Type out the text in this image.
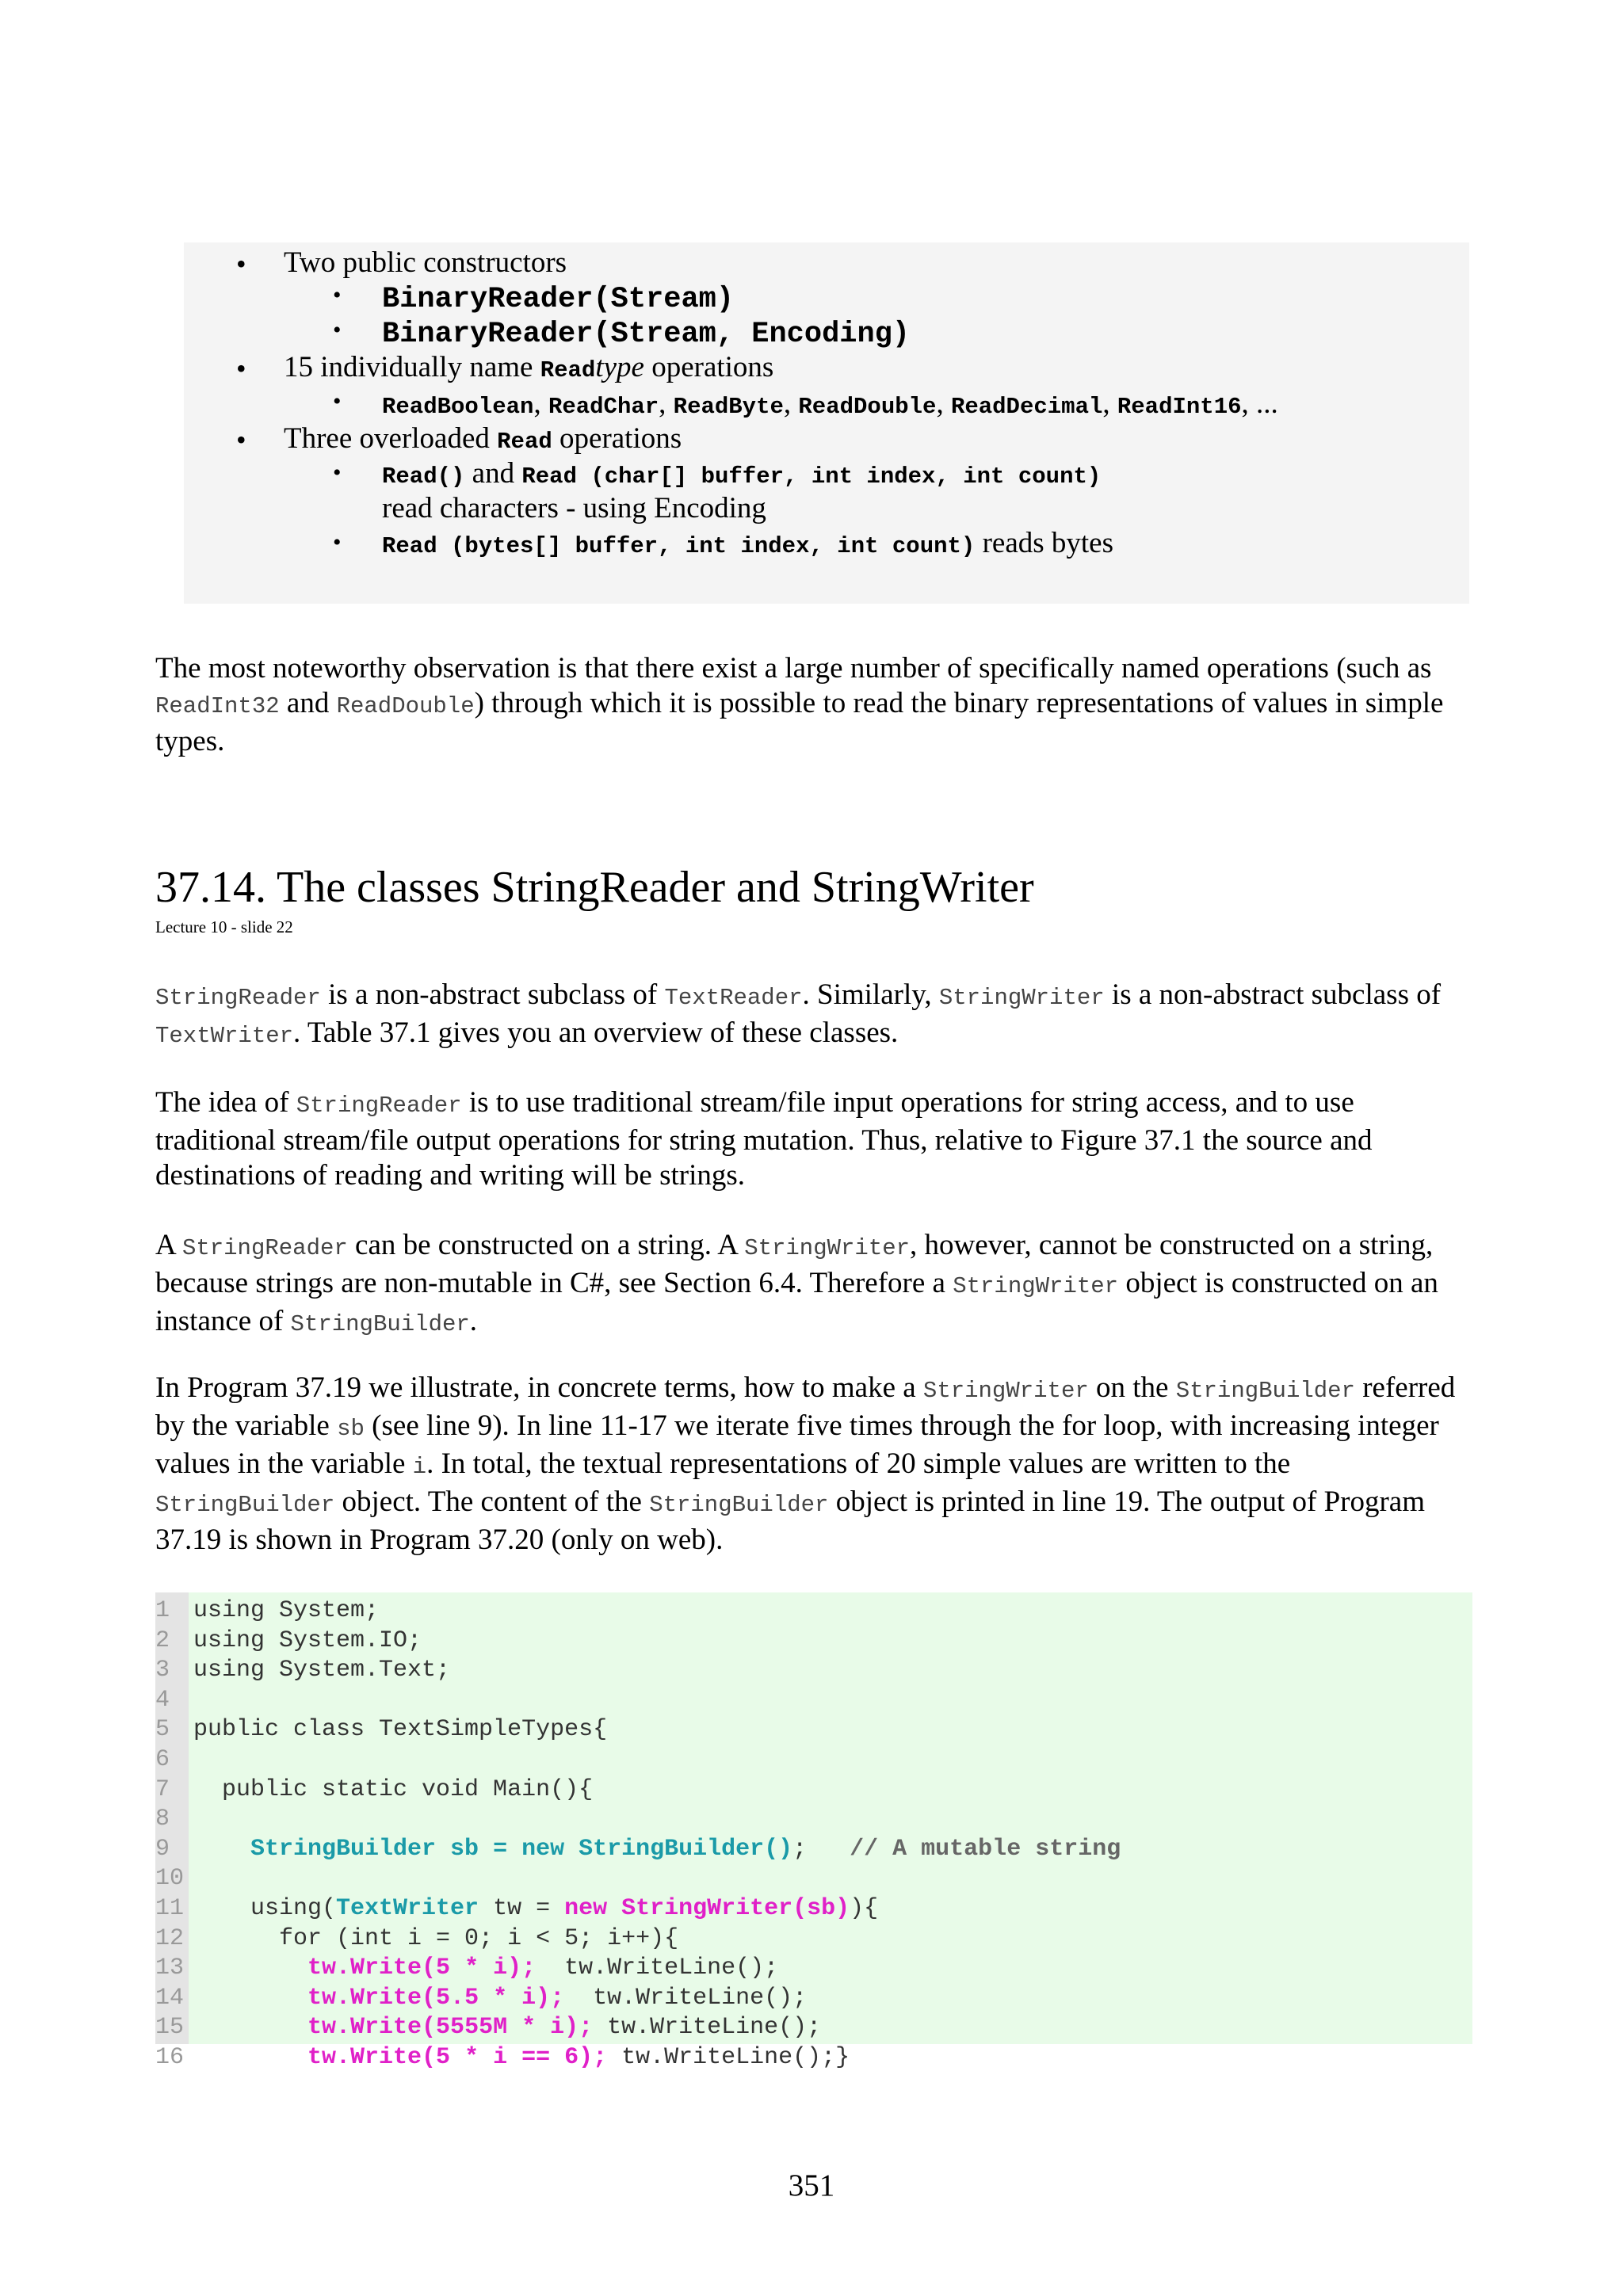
• Two public constructors
• BinaryReader(Stream)
• BinaryReader(Stream, Encoding)
• 15 individually name Readtype operations
• ReadBoolean, ReadChar, ReadByte, ReadDouble, ReadDecimal, ReadInt16, ...
• Three overloaded Read operations
• Read() and Read (char[] buffer, int index, int count)
read characters - using Encoding
• Read (bytes[] buffer, int index, int count) reads bytes

The most noteworthy observation is that there exist a large number of specifically named operations (such as ReadInt32 and ReadDouble) through which it is possible to read the binary representations of values in simple types.

37.14. The classes StringReader and StringWriter
Lecture 10 - slide 22

StringReader is a non-abstract subclass of TextReader. Similarly, StringWriter is a non-abstract subclass of TextWriter. Table 37.1 gives you an overview of these classes.

The idea of StringReader is to use traditional stream/file input operations for string access, and to use traditional stream/file output operations for string mutation. Thus, relative to Figure 37.1 the source and destinations of reading and writing will be strings.

A StringReader can be constructed on a string. A StringWriter, however, cannot be constructed on a string, because strings are non-mutable in C#, see Section 6.4. Therefore a StringWriter object is constructed on an instance of StringBuilder.

In Program 37.19 we illustrate, in concrete terms, how to make a StringWriter on the StringBuilder referred by the variable sb (see line 9). In line 11-17 we iterate five times through the for loop, with increasing integer values in the variable i. In total, the textual representations of 20 simple values are written to the StringBuilder object. The content of the StringBuilder object is printed in line 19. The output of Program 37.19 is shown in Program 37.20 (only on web).

1 using System;
2 using System.IO;
3 using System.Text;
4
5 public class TextSimpleTypes{
6
7  public static void Main(){
8
9	StringBuilder sb = new StringBuilder();   // A mutable string
10
11    using(TextWriter tw = new StringWriter(sb)){
12      for (int i = 0; i < 5; i++){
13	tw.Write(5 * i);  tw.WriteLine();
14	tw.Write(5.5 * i);  tw.WriteLine();
15	tw.Write(5555M * i); tw.WriteLine();
16	tw.Write(5 * i == 6); tw.WriteLine();}
351
